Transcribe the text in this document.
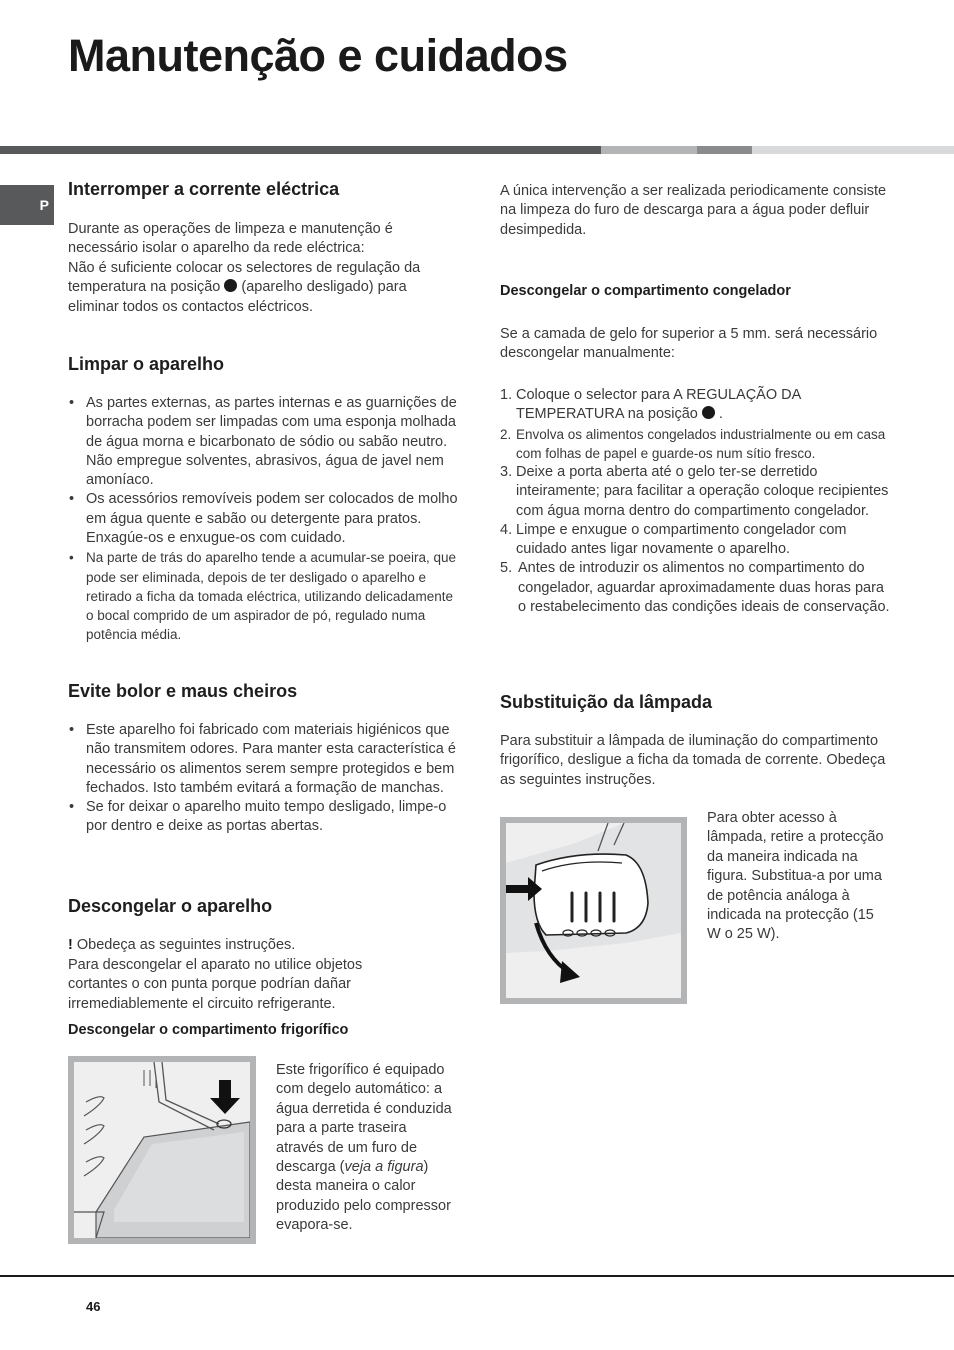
Manutenção e cuidados
P
Interromper a corrente eléctrica

Durante as operações de limpeza e manutenção é necessário isolar o aparelho da rede eléctrica:

Não é suficiente colocar os selectores de regulação da temperatura na posição (aparelho desligado) para eliminar todos os contactos eléctricos.

Limpar o aparelho
• As partes externas, as partes internas e as guarnições de borracha podem ser limpadas com uma esponja molhada de água morna e bicarbonato de sódio ou sabão neutro. Não empregue solventes, abrasivos, água de javel nem amoníaco.
• Os acessórios removíveis podem ser colocados de molho em água quente e sabão ou detergente para pratos. Enxagúe-os e enxugue-os com cuidado.
• Na parte de trás do aparelho tende a acumular-se poeira, que pode ser eliminada, depois de ter desligado o aparelho e retirado a ficha da tomada eléctrica, utilizando delicadamente o bocal comprido de um aspirador de pó, regulado numa potência média.
Evite bolor e maus cheiros
• Este aparelho foi fabricado com materiais higiénicos que não transmitem odores. Para manter esta característica é necessário os alimentos serem sempre protegidos e bem fechados. Isto também evitará a formação de manchas.
• Se for deixar o aparelho muito tempo desligado, limpe-o por dentro e deixe as portas abertas.
Descongelar o aparelho

! Obedeça as seguintes instruções.

Para descongelar el aparato no utilice objetos cortantes o con punta porque podrían dañar irremediablemente el circuito refrigerante.

Descongelar o compartimento frigorífico

Este frigorífico é equipado com degelo automático: a água derretida é conduzida para a parte traseira através de um furo de descarga (veja a figura) desta maneira o calor produzido pelo compressor evapora-se.

A única intervenção a ser realizada periodicamente consiste na limpeza do furo de descarga para a água poder defluir desimpedida.

Descongelar o compartimento congelador

Se a camada de gelo for superior a 5 mm. será necessário descongelar manualmente:

1. Coloque o selector para A REGULAÇÃO DA TEMPERATURA na posição .
2. Envolva os alimentos congelados industrialmente ou em casa com folhas de papel e guarde-os num sítio fresco.
3. Deixe a porta aberta até o gelo ter-se derretido inteiramente; para facilitar a operação coloque recipientes com água morna dentro do compartimento congelador.
4. Limpe e enxugue o compartimento congelador com cuidado antes ligar novamente o aparelho.
5. Antes de introduzir os alimentos no compartimento do congelador, aguardar aproximadamente duas horas para o restabelecimento das condições ideais de conservação.
Substituição da lâmpada

Para substituir a lâmpada de iluminação do compartimento frigorífico, desligue a ficha da tomada de corrente. Obedeça as seguintes instruções.

Para obter acesso à lâmpada, retire a protecção da maneira indicada na figura. Substitua-a por uma de potência análoga à indicada na protecção (15 W o 25 W).

46
